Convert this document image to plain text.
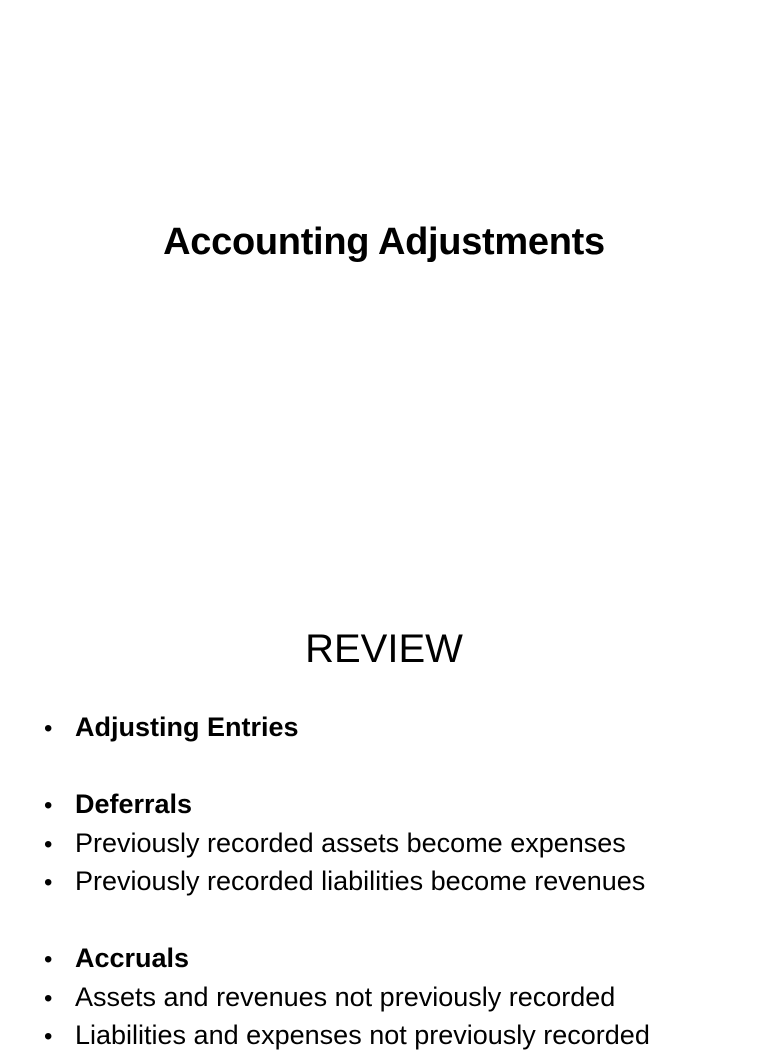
Accounting Adjustments
REVIEW
• Adjusting Entries
• Deferrals
• Previously recorded assets become expenses
• Previously recorded liabilities become revenues
• Accruals
• Assets and revenues not previously recorded
• Liabilities and expenses not previously recorded
